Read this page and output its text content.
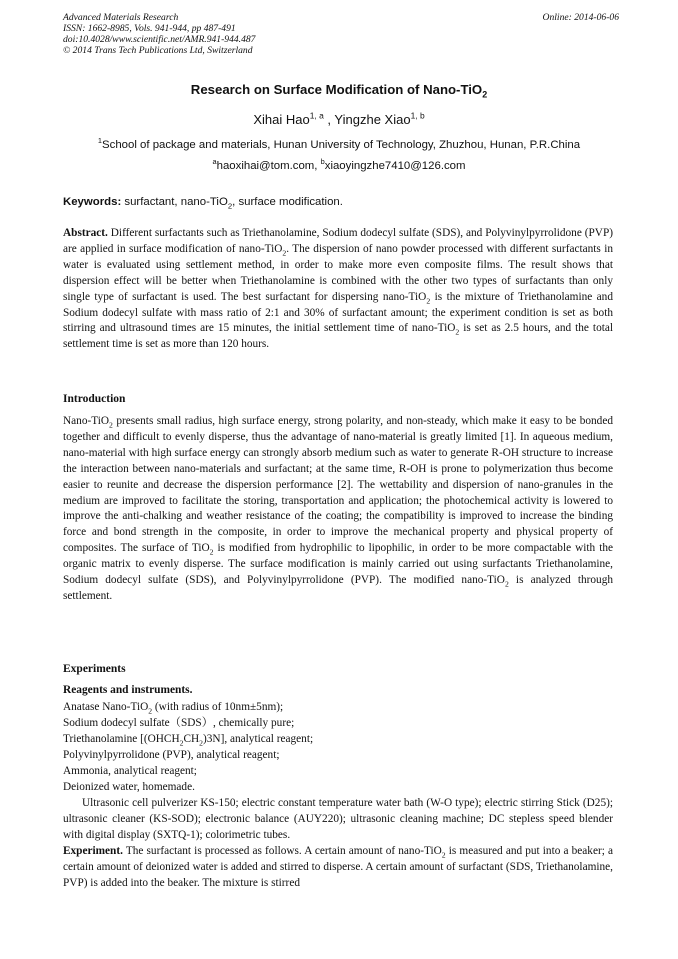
Advanced Materials Research
ISSN: 1662-8985, Vols. 941-944, pp 487-491
doi:10.4028/www.scientific.net/AMR.941-944.487
© 2014 Trans Tech Publications Ltd, Switzerland
Online: 2014-06-06
Research on Surface Modification of Nano-TiO$_2$
Xihai Hao$^{1, a}$ , Yingzhe Xiao$^{1, b}$
$^1$School of package and materials, Hunan University of Technology, Zhuzhou, Hunan, P.R.China
$^a$haoxihai@tom.com, $^b$xiaoyingzhe7410@126.com
Keywords: surfactant, nano-TiO$_2$, surface modification.
Abstract. Different surfactants such as Triethanolamine, Sodium dodecyl sulfate (SDS), and Polyvinylpyrrolidone (PVP) are applied in surface modification of nano-TiO$_2$. The dispersion of nano powder processed with different surfactants in water is evaluated using settlement method, in order to make more even composite films. The result shows that dispersion effect will be better when Triethanolamine is combined with the other two types of surfactants than only single type of surfactant is used. The best surfactant for dispersing nano-TiO$_2$ is the mixture of Triethanolamine and Sodium dodecyl sulfate with mass ratio of 2:1 and 30% of surfactant amount; the experiment condition is set as both stirring and ultrasound times are 15 minutes, the initial settlement time of nano-TiO$_2$ is set as 2.5 hours, and the total settlement time is set as more than 120 hours.
Introduction
Nano-TiO$_2$ presents small radius, high surface energy, strong polarity, and non-steady, which make it easy to be bonded together and difficult to evenly disperse, thus the advantage of nano-material is greatly limited [1]. In aqueous medium, nano-material with high surface energy can strongly absorb medium such as water to generate R-OH structure to increase the interaction between nano-materials and surfactant; at the same time, R-OH is prone to polymerization thus become easier to reunite and decrease the dispersion performance [2]. The wettability and dispersion of nano-granules in the medium are improved to facilitate the storing, transportation and application; the photochemical activity is lowered to improve the anti-chalking and weather resistance of the coating; the compatibility is improved to increase the binding force and bond strength in the composite, in order to improve the mechanical property and physical property of composites. The surface of TiO$_2$ is modified from hydrophilic to lipophilic, in order to be more compactable with the organic matrix to evenly disperse. The surface modification is mainly carried out using surfactants Triethanolamine, Sodium dodecyl sulfate (SDS), and Polyvinylpyrrolidone (PVP). The modified nano-TiO$_2$ is analyzed through settlement.
Experiments
Reagents and instruments.
Anatase Nano-TiO$_2$ (with radius of 10nm±5nm);
Sodium dodecyl sulfate（SDS）, chemically pure;
Triethanolamine $[(OHCH_2CH_2)3N]$, analytical reagent;
Polyvinylpyrrolidone (PVP), analytical reagent;
Ammonia, analytical reagent;
Deionized water, homemade.
Ultrasonic cell pulverizer KS-150; electric constant temperature water bath (W-O type); electric stirring Stick (D25); ultrasonic cleaner (KS-SOD); electronic balance (AUY220); ultrasonic cleaning machine; DC stepless speed blender with digital display (SXTQ-1); colorimetric tubes.
Experiment. The surfactant is processed as follows. A certain amount of nano-TiO$_2$ is measured and put into a beaker; a certain amount of deionized water is added and stirred to disperse. A certain amount of surfactant (SDS, Triethanolamine, PVP) is added into the beaker. The mixture is stirred
